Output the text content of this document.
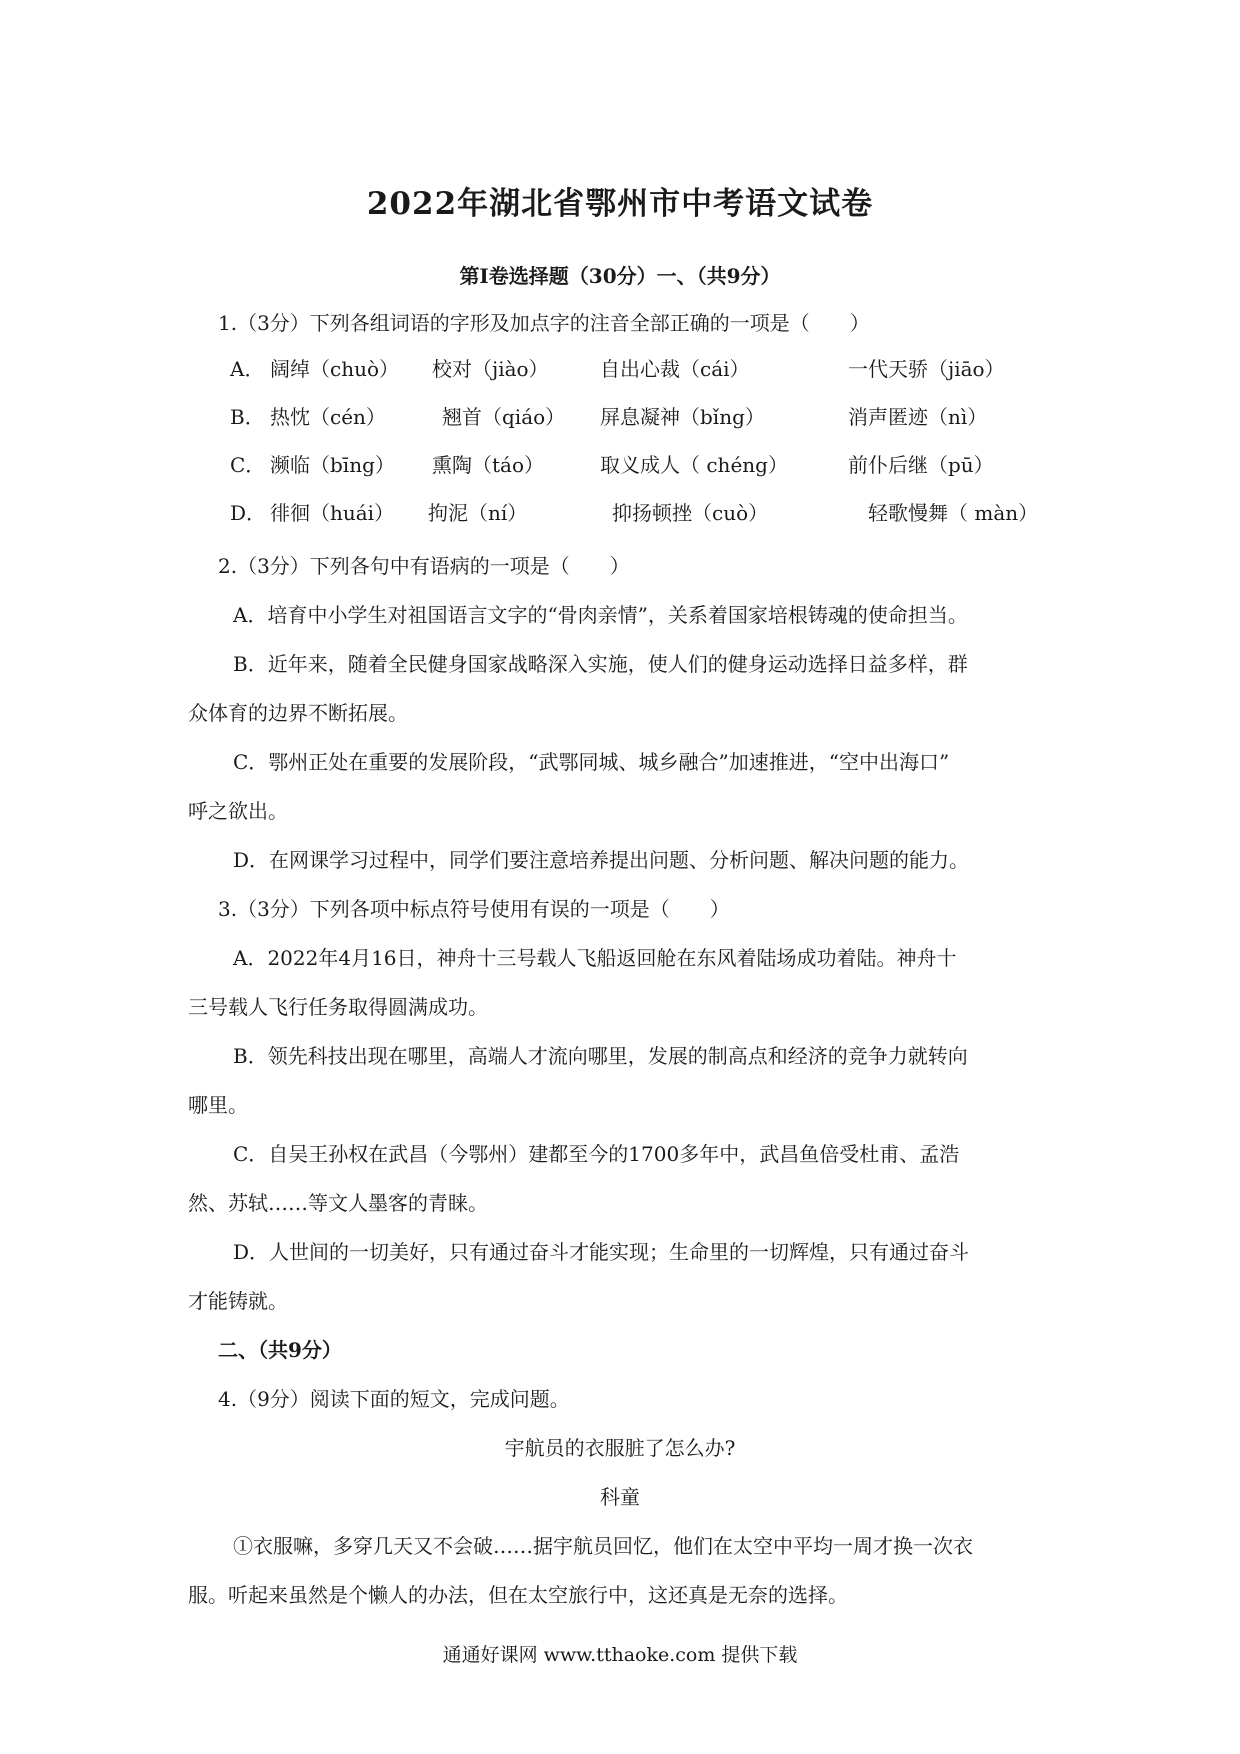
2022年湖北省鄂州市中考语文试卷
第Ⅰ卷选择题（30分）一、（共9分）
1.（3分）下列各组词语的字形及加点字的注音全部正确的一项是（　　）
A． 阔绰（chuò） 校对（jiào）	自出心裁（cái）	一代天骄（jiāo）
B． 热忱（cén）	翘首（qiáo） 屏息凝神（bǐng）	消声匿迹（nì）
C． 濒临（bīng） 熏陶（táo）	取义成人（ chéng）	前仆后继（pū）
D． 徘徊（huái） 拘泥（ní）	抑扬顿挫（cuò）	轻歌慢舞（ màn）
2.（3分）下列各句中有语病的一项是（　　）
A．培育中小学生对祖国语言文字的“骨肉亲情”，关系着国家培根铸魂的使命担当。
B．近年来，随着全民健身国家战略深入实施，使人们的健身运动选择日益多样，群
众体育的边界不断拓展。
C．鄂州正处在重要的发展阶段，“武鄂同城、城乡融合”加速推进，“空中出海口”
呼之欲出。
D．在网课学习过程中，同学们要注意培养提出问题、分析问题、解决问题的能力。
3.（3分）下列各项中标点符号使用有误的一项是（　　）
A．2022年4月16日，神舟十三号载人飞船返回舱在东风着陆场成功着陆。神舟十
三号载人飞行任务取得圆满成功。
B．领先科技出现在哪里，高端人才流向哪里，发展的制高点和经济的竞争力就转向
哪里。
C．自吴王孙权在武昌（今鄂州）建都至今的1700多年中，武昌鱼倍受杜甫、孟浩
然、苏轼……等文人墨客的青睐。
D．人世间的一切美好，只有通过奋斗才能实现；生命里的一切辉煌，只有通过奋斗
才能铸就。
二、（共9分）
4.（9分）阅读下面的短文，完成问题。
宇航员的衣服脏了怎么办?
科童
①衣服嘛，多穿几天又不会破……据宇航员回忆，他们在太空中平均一周才换一次衣
服。听起来虽然是个懒人的办法，但在太空旅行中，这还真是无奈的选择。
通通好课网 www.tthaoke.com 提供下载
